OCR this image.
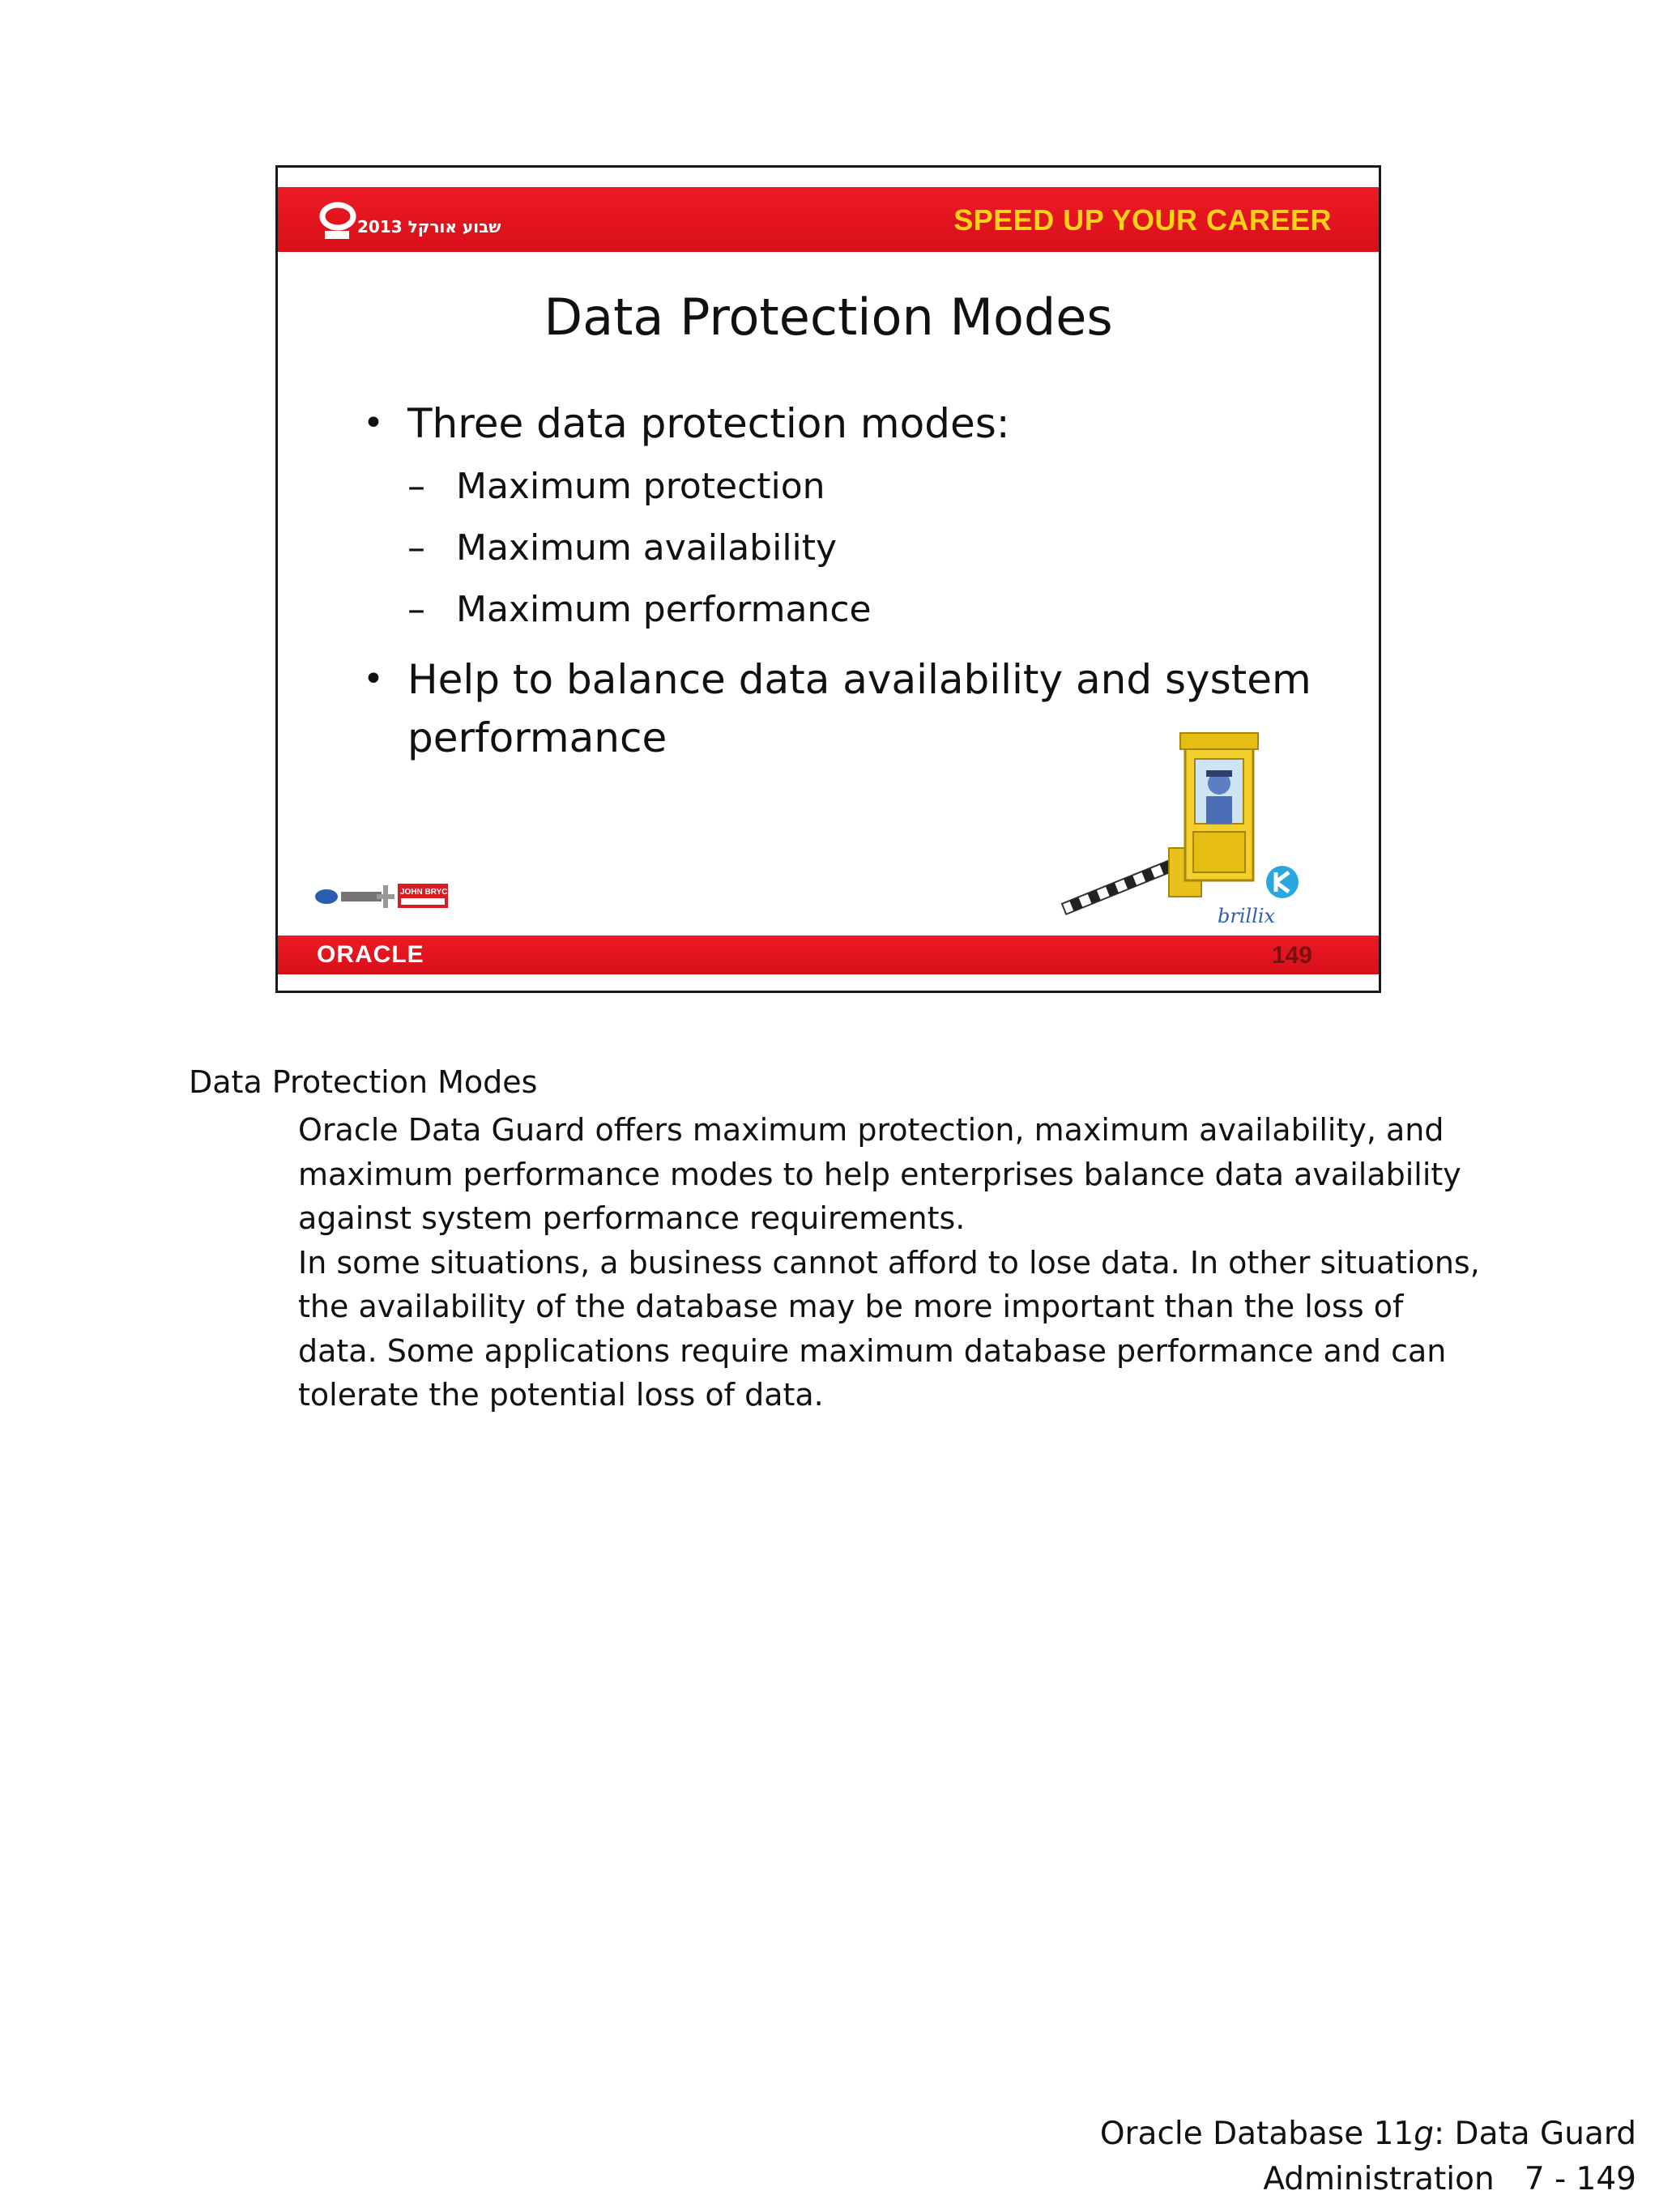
שבוע אורקל 2013	SPEED UP YOUR CAREER
Data Protection Modes
• Three data protection modes:
– Maximum protection
– Maximum availability
– Maximum performance
• Help to balance data availability and system performance
JOHN BRYCE
brillix
ORACLE	149
Data Protection Modes

Oracle Data Guard offers maximum protection, maximum availability, and maximum performance modes to help enterprises balance data availability against system performance requirements.

In some situations, a business cannot afford to lose data. In other situations, the availability of the database may be more important than the loss of data. Some applications require maximum database performance and can tolerate the potential loss of data.

Oracle Database 11g: Data Guard
Administration   7 - 149
